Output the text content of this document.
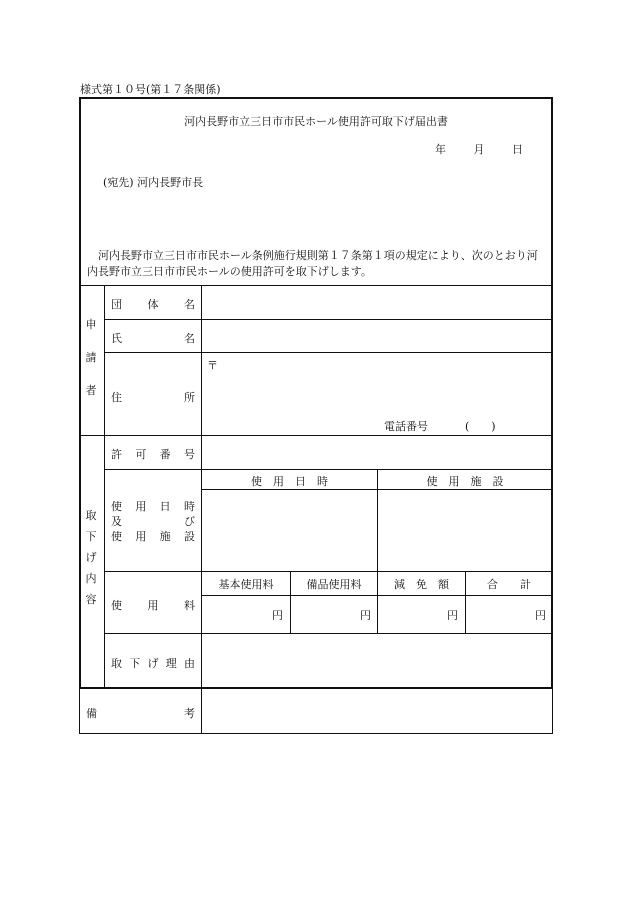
様式第１０号(第１７条関係)
河内長野市立三日市市民ホール使用許可取下げ届出書
年	月	日
(宛先) 河内長野市長
河内長野市立三日市市民ホール条例施行規則第１７条第１項の規定により、次のとおり河内長野市立三日市市民ホールの使用許可を取下げします。
申
請
者
団 体 名
氏	名
住	所
〒
電話番号	(　　)
取
下
げ
内
容
許 可 番 号
使 用 日 時
及	び
使 用 施 設
使　用　日　時	使　用　施　設
使 用 料
基本使用料	備品使用料	減　免　額	合　　計
円	円	円	円
取 下 げ 理 由
備	考
